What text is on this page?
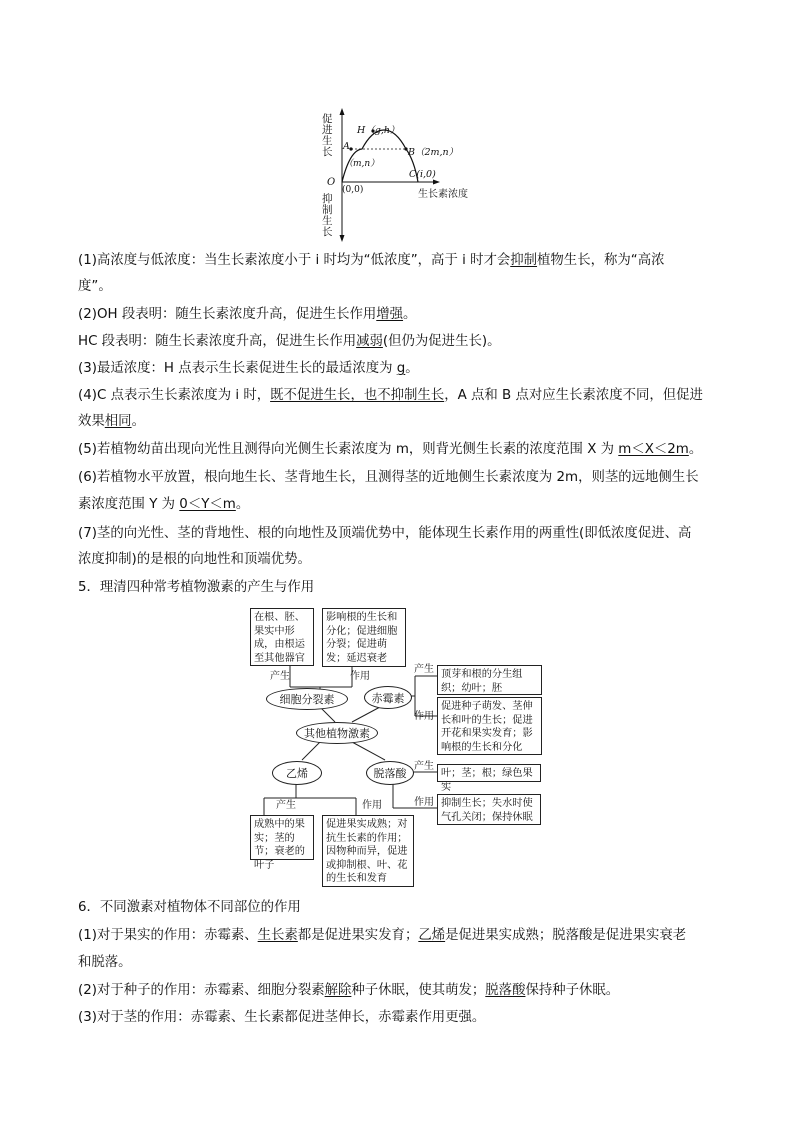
促
进
生
长
抑
制
生
长
O
(0,0)
H（g,h）
A
（m,n）
B（2m,n）
C(i,0)
生长素浓度
(1)高浓度与低浓度：当生长素浓度小于 i 时均为“低浓度”，高于 i 时才会抑制植物生长，称为“高浓
度”。
(2)OH 段表明：随生长素浓度升高，促进生长作用增强。
HC 段表明：随生长素浓度升高，促进生长作用减弱(但仍为促进生长)。
(3)最适浓度：H 点表示生长素促进生长的最适浓度为 g。
(4)C 点表示生长素浓度为 i 时，既不促进生长，也不抑制生长，A 点和 B 点对应生长素浓度不同，但促进
效果相同。
(5)若植物幼苗出现向光性且测得向光侧生长素浓度为 m，则背光侧生长素的浓度范围 X 为 m＜X＜2m。
(6)若植物水平放置，根向地生长、茎背地生长，且测得茎的近地侧生长素浓度为 2m，则茎的远地侧生长
素浓度范围 Y 为 0＜Y＜m。
(7)茎的向光性、茎的背地性、根的向地性及顶端优势中，能体现生长素作用的两重性(即低浓度促进、高
浓度抑制)的是根的向地性和顶端优势。
5．理清四种常考植物激素的产生与作用
在根、胚、果实中形成，由根运至其他器官
影响根的生长和分化；促进细胞分裂；促进萌发；延迟衰老
产生	作用
细胞分裂素	赤霉素
其他植物激素
乙烯	脱落酸
产生
作用
顶芽和根的分生组织；幼叶；胚
促进种子萌发、茎伸长和叶的生长；促进开花和果实发育；影响根的生长和分化
产生
作用
叶；茎；根；绿色果实
抑制生长；失水时使气孔关闭；保持休眠
产生	作用
成熟中的果实；茎的节；衰老的叶子
促进果实成熟；对抗生长素的作用；因物种而异，促进或抑制根、叶、花的生长和发育
6．不同激素对植物体不同部位的作用
(1)对于果实的作用：赤霉素、生长素都是促进果实发育；乙烯是促进果实成熟；脱落酸是促进果实衰老
和脱落。
(2)对于种子的作用：赤霉素、细胞分裂素解除种子休眠，使其萌发；脱落酸保持种子休眠。
(3)对于茎的作用：赤霉素、生长素都促进茎伸长，赤霉素作用更强。
